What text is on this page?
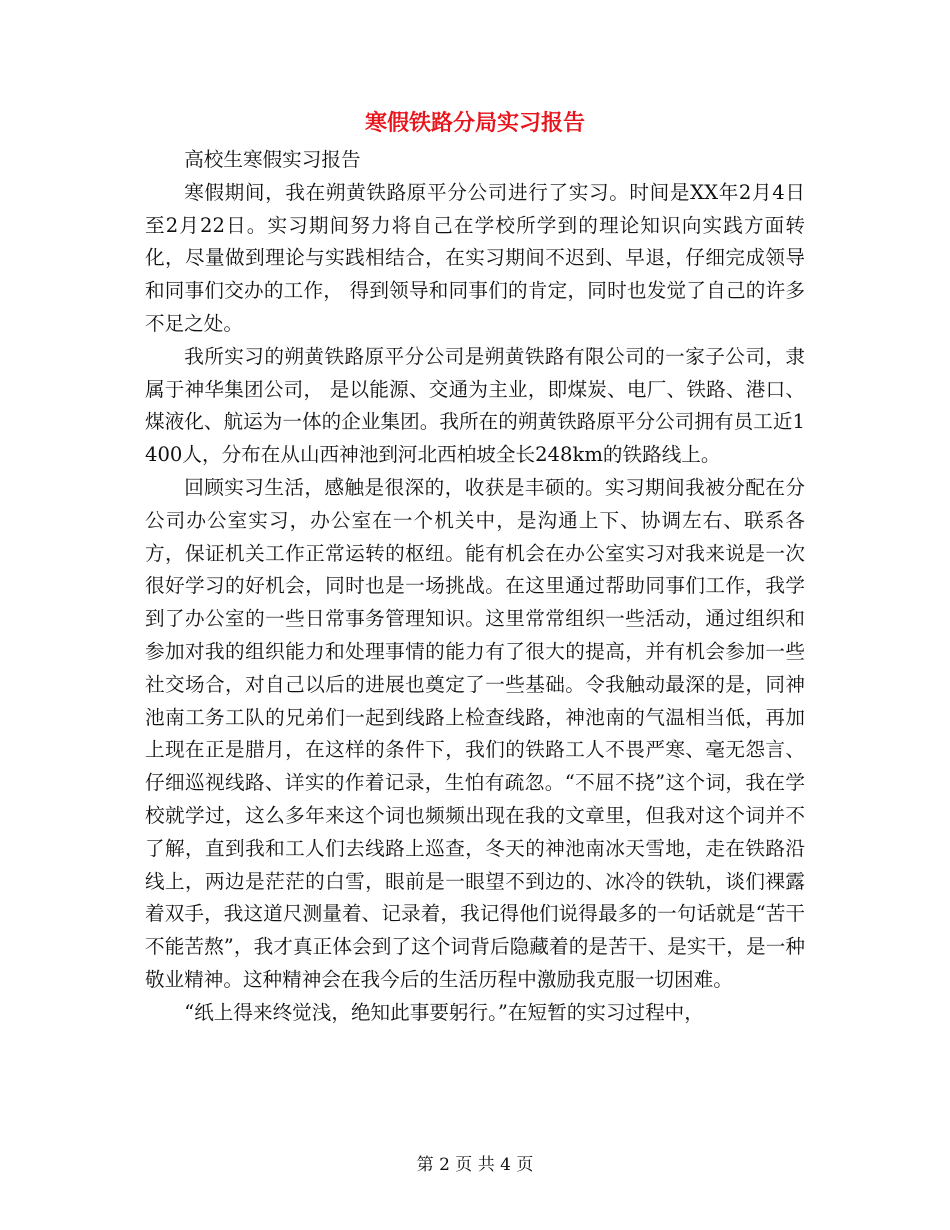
寒假铁路分局实习报告

高校生寒假实习报告

寒假期间，我在朔黄铁路原平分公司进行了实习。时间是XX年2月4日至2月22日。实习期间努力将自己在学校所学到的理论知识向实践方面转化，尽量做到理论与实践相结合，在实习期间不迟到、早退，仔细完成领导和同事们交办的工作， 得到领导和同事们的肯定，同时也发觉了自己的许多不足之处。

我所实习的朔黄铁路原平分公司是朔黄铁路有限公司的一家子公司，隶属于神华集团公司， 是以能源、交通为主业，即煤炭、电厂、铁路、港口、煤液化、航运为一体的企业集团。我所在的朔黄铁路原平分公司拥有员工近1400人，分布在从山西神池到河北西柏坡全长248km的铁路线上。

回顾实习生活，感触是很深的，收获是丰硕的。实习期间我被分配在分公司办公室实习，办公室在一个机关中，是沟通上下、协调左右、联系各方，保证机关工作正常运转的枢纽。能有机会在办公室实习对我来说是一次很好学习的好机会，同时也是一场挑战。在这里通过帮助同事们工作，我学到了办公室的一些日常事务管理知识。这里常常组织一些活动，通过组织和参加对我的组织能力和处理事情的能力有了很大的提高，并有机会参加一些社交场合，对自己以后的进展也奠定了一些基础。令我触动最深的是，同神池南工务工队的兄弟们一起到线路上检查线路，神池南的气温相当低，再加上现在正是腊月，在这样的条件下，我们的铁路工人不畏严寒、毫无怨言、仔细巡视线路、详实的作着记录，生怕有疏忽。“不屈不挠”这个词，我在学校就学过，这么多年来这个词也频频出现在我的文章里，但我对这个词并不了解，直到我和工人们去线路上巡查，冬天的神池南冰天雪地，走在铁路沿线上，两边是茫茫的白雪，眼前是一眼望不到边的、冰冷的铁轨，谈们裸露着双手，我这道尺测量着、记录着，我记得他们说得最多的一句话就是“苦干不能苦熬”，我才真正体会到了这个词背后隐藏着的是苦干、是实干，是一种敬业精神。这种精神会在我今后的生活历程中激励我克服一切困难。

“纸上得来终觉浅，绝知此事要躬行。”在短暂的实习过程中，

第 2 页 共 4 页
